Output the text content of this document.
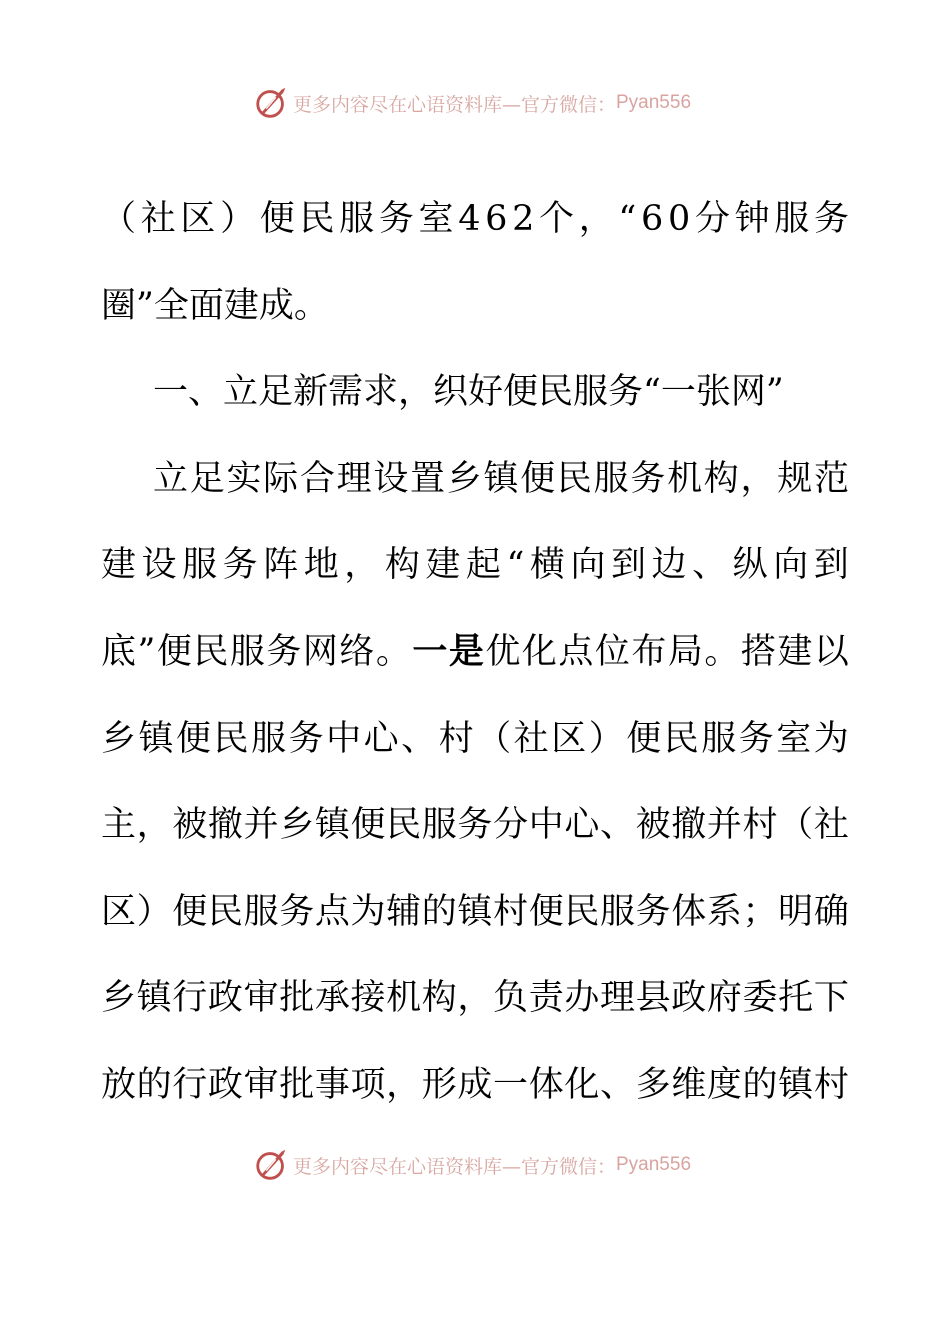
更多内容尽在心语资料库—官方微信： Pyan556
（ 社 区 ） 便 民 服 务 室 4 6 2 个 ， “ 6 0 分 钟 服 务
圈”全面建成。
一、立足新需求，织好便民服务“一张网”
立 足 实 际 合 理 设 置 乡 镇 便 民 服 务 机 构 ， 规 范
建 设 服 务 阵 地 ， 构 建 起 “ 横 向 到 边 、 纵 向 到
底 ” 便 民 服 务 网 络 。 一 是 优 化 点 位 布 局 。 搭 建 以
乡 镇 便 民 服 务 中 心 、 村 （ 社 区 ） 便 民 服 务 室 为
主 ， 被 撤 并 乡 镇 便 民 服 务 分 中 心 、 被 撤 并 村 （ 社
区 ） 便 民 服 务 点 为 辅 的 镇 村 便 民 服 务 体 系 ； 明 确
乡 镇 行 政 审 批 承 接 机 构 ， 负 责 办 理 县 政 府 委 托 下
放 的 行 政 审 批 事 项 ， 形 成 一 体 化 、 多 维 度 的 镇 村
更多内容尽在心语资料库—官方微信： Pyan556
